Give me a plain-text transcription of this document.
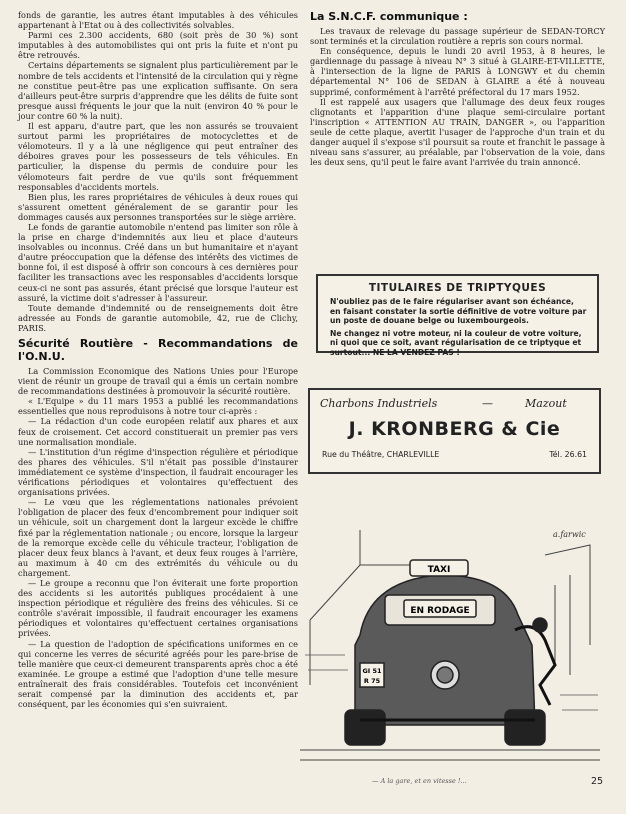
fonds de garantie, les autres étant imputables à des véhicules appartenant à l'Etat ou à des collectivités solvables.

Parmi ces 2.300 accidents, 680 (soit près de 30 %) sont imputables à des automobilistes qui ont pris la fuite et n'ont pu être retrouvés.

Certains départements se signalent plus particulièrement par le nombre de tels accidents et l'intensité de la circulation qui y règne ne constitue peut-être pas une explication suffisante. On sera d'ailleurs peut-être surpris d'apprendre que les délits de fuite sont presque aussi fréquents le jour que la nuit (environ 40 % pour le jour contre 60 % la nuit).

Il est apparu, d'autre part, que les non assurés se trouvaient surtout parmi les propriétaires de motocyclettes et de vélomoteurs. Il y a là une négligence qui peut entraîner des déboires graves pour les possesseurs de tels véhicules. En particulier, la dispense du permis de conduire pour les vélomoteurs fait perdre de vue qu'ils sont fréquemment responsables d'accidents mortels.

Bien plus, les rares propriétaires de véhicules à deux roues qui s'assurent omettent généralement de se garantir pour les dommages causés aux personnes transportées sur le siège arrière.

Le fonds de garantie automobile n'entend pas limiter son rôle à la prise en charge d'indemnités aux lieu et place d'auteurs insolvables ou inconnus. Créé dans un but humanitaire et n'ayant d'autre préoccupation que la défense des intérêts des victimes de bonne foi, il est disposé à offrir son concours à ces dernières pour faciliter les transactions avec les responsables d'accidents lorsque ceux-ci ne sont pas assurés, étant précisé que lorsque l'auteur est assuré, la victime doit s'adresser à l'assureur.

Toute demande d'indemnité ou de renseignements doit être adressée au Fonds de garantie automobile, 42, rue de Clichy, PARIS.

Sécurité Routière - Recommandations de l'O.N.U.

La Commission Economique des Nations Unies pour l'Europe vient de réunir un groupe de travail qui a émis un certain nombre de recommandations destinées à promouvoir la sécurité routière.

« L'Equipe » du 11 mars 1953 a publié les recommandations essentielles que nous reproduisons à notre tour ci-après :

— La rédaction d'un code européen relatif aux phares et aux feux de croisement. Cet accord constituerait un premier pas vers une normalisation mondiale.

— L'institution d'un régime d'inspection régulière et périodique des phares des véhicules. S'il n'était pas possible d'instaurer immédiatement ce système d'inspection, il faudrait encourager les vérifications périodiques et volontaires qu'effectuent des organisations privées.

— Le vœu que les réglementations nationales prévoient l'obligation de placer des feux d'encombrement pour indiquer soit un véhicule, soit un chargement dont la largeur excède le chiffre fixé par la réglementation nationale ; ou encore, lorsque la largeur de la remorque excède celle du véhicule tracteur, l'obligation de placer deux feux blancs à l'avant, et deux feux rouges à l'arrière, au maximum à 40 cm des extrémités du véhicule ou du chargement.

— Le groupe a reconnu que l'on éviterait une forte proportion des accidents si les autorités publiques procédaient à une inspection périodique et régulière des freins des véhicules. Si ce contrôle s'avérait impossible, il faudrait encourager les examens périodiques et volontaires qu'effectuent certaines organisations privées.

— La question de l'adoption de spécifications uniformes en ce qui concerne les verres de sécurité agréés pour les pare-brise de telle manière que ceux-ci demeurent transparents après choc a été examinée. Le groupe a estimé que l'adoption d'une telle mesure entraînerait des frais considérables. Toutefois cet inconvénient serait compensé par la diminution des accidents et, par conséquent, par les économies qui s'en suivraient.

La S.N.C.F. communique :

Les travaux de relevage du passage supérieur de SEDAN-TORCY sont terminés et la circulation routière a repris son cours normal.

En conséquence, depuis le lundi 20 avril 1953, à 8 heures, le gardiennage du passage à niveau N° 3 situé à GLAIRE-ET-VILLETTE, à l'intersection de la ligne de PARIS à LONGWY et du chemin départemental N° 106 de SEDAN à GLAIRE a été à nouveau supprimé, conformément à l'arrêté préfectoral du 17 mars 1952.

Il est rappelé aux usagers que l'allumage des deux feux rouges clignotants et l'apparition d'une plaque semi-circulaire portant l'inscription « ATTENTION AU TRAIN, DANGER », ou l'apparition seule de cette plaque, avertit l'usager de l'approche d'un train et du danger auquel il s'expose s'il poursuit sa route et franchit le passage à niveau sans s'assurer, au préalable, par l'observation de la voie, dans les deux sens, qu'il peut le faire avant l'arrivée du train annoncé.

TITULAIRES DE TRIPTYQUES

N'oubliez pas de le faire régulariser avant son échéance, en faisant constater la sortie définitive de votre voiture par un poste de douane belge ou luxembourgeois.

Ne changez ni votre moteur, ni la couleur de votre voiture, ni quoi que ce soit, avant régularisation de ce triptyque et surtout... NE LA VENDEZ PAS !

Charbons Industriels	—	Mazout
J. KRONBERG & Cie
Rue du Théâtre, CHARLEVILLE	Tél. 26.61
TAXI
EN RODAGE
GI 51
R 75
a.farwic
— A la gare, et en vitesse !...	25
